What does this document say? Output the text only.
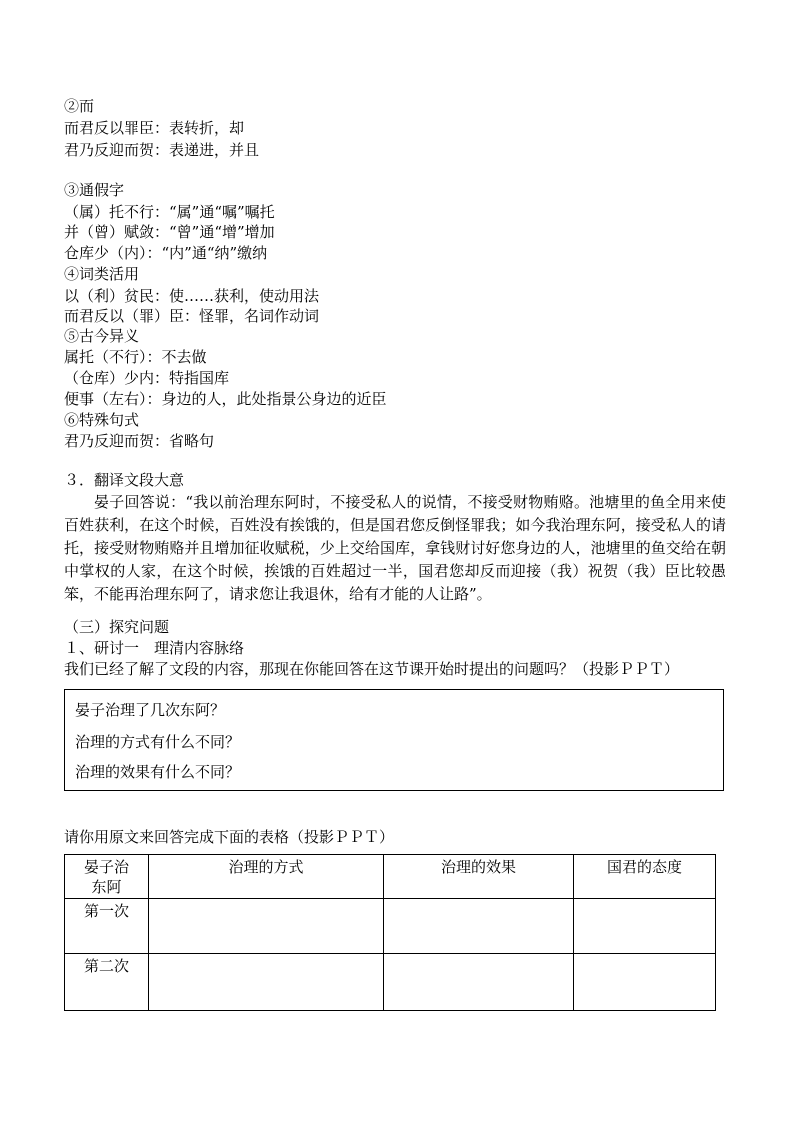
②而
而君反以罪臣：表转折，却
君乃反迎而贺：表递进，并且
③通假字
（属）托不行：“属”通“嘱”嘱托
并（曾）赋敛：“曾”通“增”增加
仓库少（内）：“内”通“纳”缴纳
④词类活用
以（利）贫民：使……获利，使动用法
而君反以（罪）臣：怪罪，名词作动词
⑤古今异义
属托（不行）：不去做
（仓库）少内：特指国库
便事（左右）：身边的人，此处指景公身边的近臣
⑥特殊句式
君乃反迎而贺：省略句
３．翻译文段大意
晏子回答说：“我以前治理东阿时，不接受私人的说情，不接受财物贿赂。池塘里的鱼全用来使百姓获利，在这个时候，百姓没有挨饿的，但是国君您反倒怪罪我；如今我治理东阿，接受私人的请托，接受财物贿赂并且增加征收赋税，少上交给国库，拿钱财讨好您身边的人，池塘里的鱼交给在朝中掌权的人家，在这个时候，挨饿的百姓超过一半，国君您却反而迎接（我）祝贺（我）臣比较愚笨，不能再治理东阿了，请求您让我退休，给有才能的人让路”。
（三）探究问题
１、研讨一　理清内容脉络
我们已经了解了文段的内容，那现在你能回答在这节课开始时提出的问题吗？（投影ＰＰＴ）
晏子治理了几次东阿？
治理的方式有什么不同？
治理的效果有什么不同？
请你用原文来回答完成下面的表格（投影ＰＰＴ）
晏子治东阿	治理的方式	治理的效果	国君的态度
第一次			
第二次			
